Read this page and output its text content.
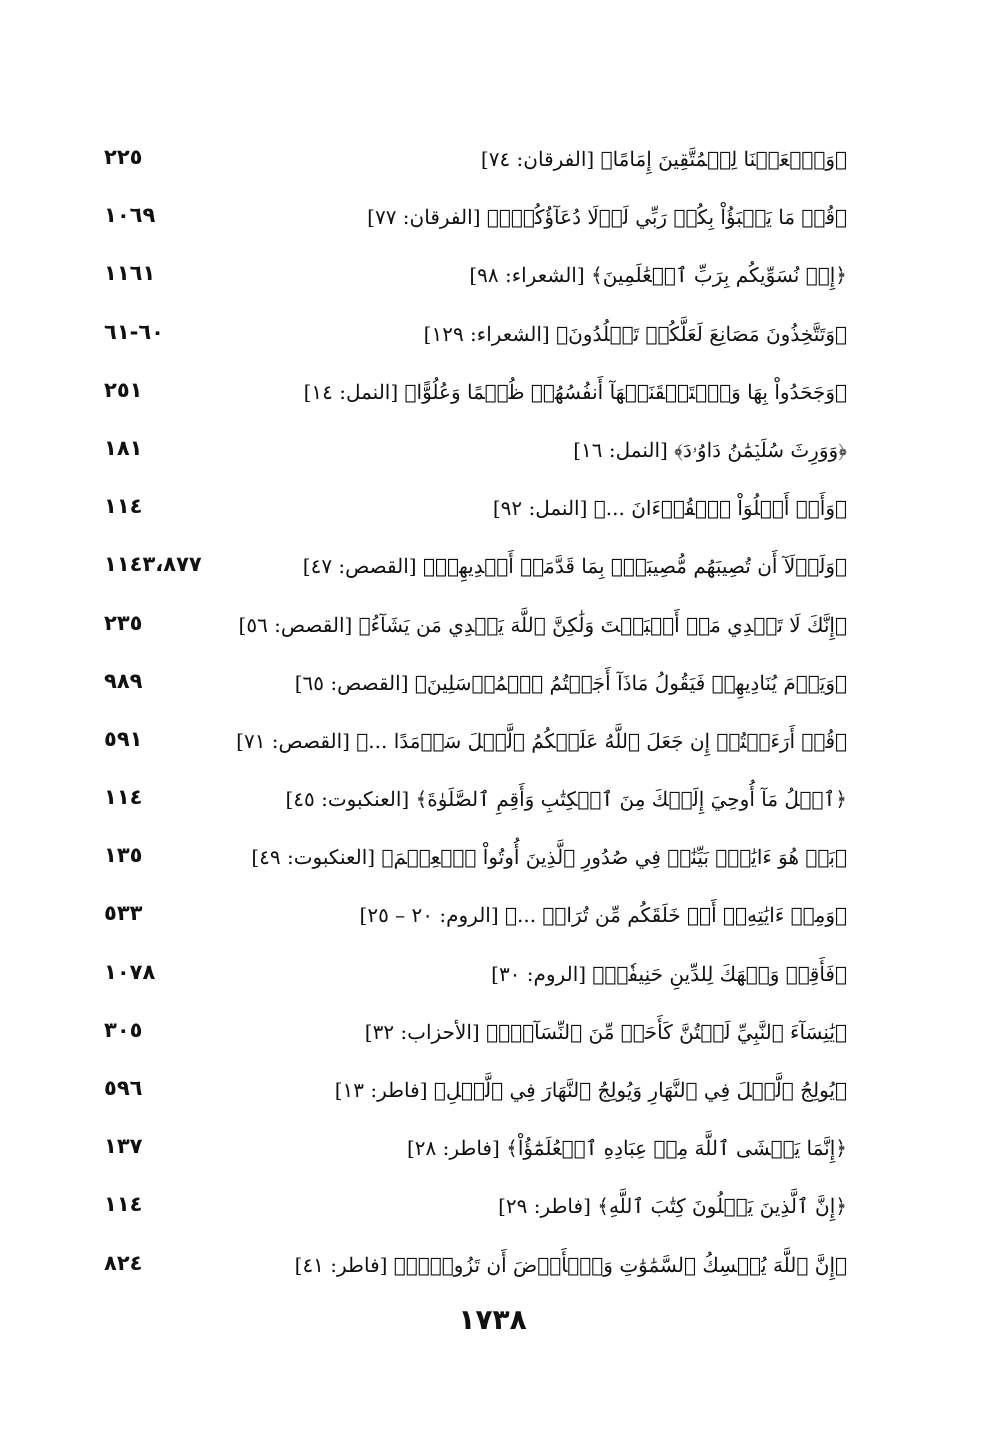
﴿وَٱجۡعَلۡنَا لِلۡمُتَّقِينَ إِمَامًا﴾ [الفرقان: ٧٤]
٢٢٥
﴿قُلۡ مَا يَعۡبَؤُاْ بِكُمۡ رَبِّي لَوۡلَا دُعَآؤُكُمۡۖ﴾ [الفرقان: ٧٧]
١٠٦٩
﴿إِذۡ نُسَوِّيكُم بِرَبِّ ٱلۡعَٰلَمِينَ﴾ [الشعراء: ٩٨]
١١٦١
﴿وَتَتَّخِذُونَ مَصَانِعَ لَعَلَّكُمۡ تَخۡلُدُونَ﴾ [الشعراء: ١٢٩]
٦٠-٦١
﴿وَجَحَدُواْ بِهَا وَٱسۡتَيۡقَنَتۡهَآ أَنفُسُهُمۡ ظُلۡمًا وَعُلُوًّا﴾ [النمل: ١٤]
٢٥١
﴿وَوَرِثَ سُلَيۡمَٰنُ دَاوُۥدَ﴾ [النمل: ١٦]
١٨١
﴿وَأَنۡ أَتۡلُوَاْ ٱلۡقُرۡءَانَ ...﴾ [النمل: ٩٢]
١١٤
﴿وَلَوۡلَآ أَن تُصِيبَهُم مُّصِيبَةُۢ بِمَا قَدَّمَتۡ أَيۡدِيهِمۡ﴾ [القصص: ٤٧]
١١٤٣،٨٧٧
﴿إِنَّكَ لَا تَهۡدِي مَنۡ أَحۡبَبۡتَ وَلَٰكِنَّ ٱللَّهَ يَهۡدِي مَن يَشَآءُ﴾ [القصص: ٥٦]
٢٣٥
﴿وَيَوۡمَ يُنَادِيهِمۡ فَيَقُولُ مَاذَآ أَجَبۡتُمُ ٱلۡمُرۡسَلِينَ﴾ [القصص: ٦٥]
٩٨٩
﴿قُلۡ أَرَءَيۡتُمۡ إِن جَعَلَ ٱللَّهُ عَلَيۡكُمُ ٱلَّيۡلَ سَرۡمَدًا ...﴾ [القصص: ٧١]
٥٩١
﴿ٱتۡلُ مَآ أُوحِيَ إِلَيۡكَ مِنَ ٱلۡكِتَٰبِ وَأَقِمِ ٱلصَّلَوٰةَ﴾ [العنكبوت: ٤٥]
١١٤
﴿بَلۡ هُوَ ءَايَٰتُۢ بَيِّنَٰتٞ فِي صُدُورِ ٱلَّذِينَ أُوتُواْ ٱلۡعِلۡمَ﴾ [العنكبوت: ٤٩]
١٣٥
﴿وَمِنۡ ءَايَٰتِهِۦٓ أَنۡ خَلَقَكُم مِّن تُرَابٖ ...﴾ [الروم: ٢٠ – ٢٥]
٥٣٣
﴿فَأَقِمۡ وَجۡهَكَ لِلدِّينِ حَنِيفٗاۚ﴾ [الروم: ٣٠]
١٠٧٨
﴿يَٰنِسَآءَ ٱلنَّبِيِّ لَسۡتُنَّ كَأَحَدٖ مِّنَ ٱلنِّسَآءِۚ﴾ [الأحزاب: ٣٢]
٣٠٥
﴿يُولِجُ ٱلَّيۡلَ فِي ٱلنَّهَارِ وَيُولِجُ ٱلنَّهَارَ فِي ٱلَّيۡلِ﴾ [فاطر: ١٣]
٥٩٦
﴿إِنَّمَا يَخۡشَى ٱللَّهَ مِنۡ عِبَادِهِ ٱلۡعُلَمَٰٓؤُاْ﴾ [فاطر: ٢٨]
١٣٧
﴿إِنَّ ٱلَّذِينَ يَتۡلُونَ كِتَٰبَ ٱللَّهِ﴾ [فاطر: ٢٩]
١١٤
﴿إِنَّ ٱللَّهَ يُمۡسِكُ ٱلسَّمَٰوَٰتِ وَٱلۡأَرۡضَ أَن تَزُولَاۚ﴾ [فاطر: ٤١]
٨٢٤
١٧٣٨
